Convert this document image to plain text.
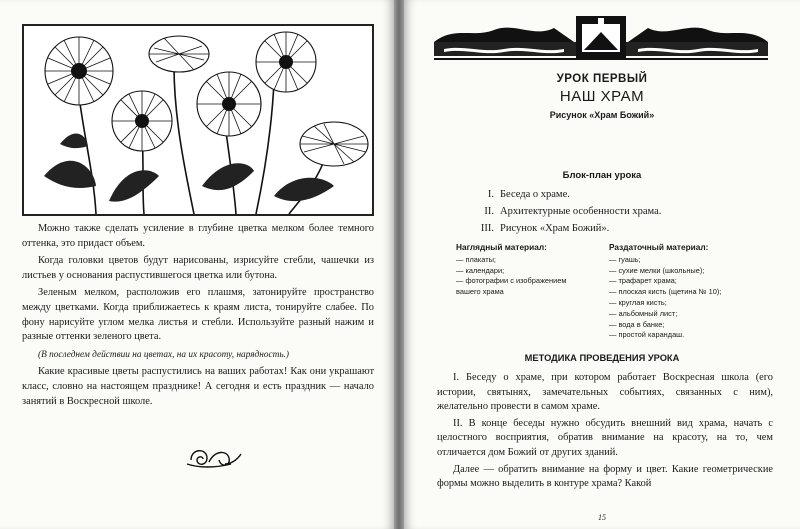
Можно также сделать усиление в глубине цветка мелком более темного оттенка, это придаст объем.

Когда головки цветов будут нарисованы, изрисуйте стебли, чашечки из листьев у основания распустившегося цветка или бутона.

Зеленым мелком, расположив его плашмя, затонируйте пространство между цветками. Когда приближаетесь к краям листа, тонируйте слабее. По фону нарисуйте углом мелка листья и стебли. Используйте разный нажим и разные оттенки зеленого цвета.

(В последнем действии на цветах, на их красоту, нарядность.)

Какие красивые цветы распустились на ваших работах! Как они украшают класс, словно на настоящем празднике! А сегодня и есть праздник — начало занятий в Воскресной школе.

УРОК ПЕРВЫЙ
НАШ ХРАМ
Рисунок «Храм Божий»
Блок-план урока
I. Беседа о храме.
II. Архитектурные особенности храма.
III. Рисунок «Храм Божий».
Наглядный материал:
— плакаты;
— календари;
— фотографии с изображением
вашего храма
Раздаточный материал:
— гуашь;
— сухие мелки (школьные);
— трафарет храма;
— плоская кисть (щетина № 10);
— круглая кисть;
— альбомный лист;
— вода в банке;
— простой карандаш.
МЕТОДИКА ПРОВЕДЕНИЯ УРОКА

I. Беседу о храме, при котором работает Воскресная школа (его истории, святынях, замечательных событиях, связанных с ним), желательно провести в самом храме.

II. В конце беседы нужно обсудить внешний вид храма, начать с целостного восприятия, обратив внимание на красоту, на то, чем отличается дом Божий от других зданий.

Далее — обратить внимание на форму и цвет. Какие геометрические формы можно выделить в контуре храма? Какой

15
